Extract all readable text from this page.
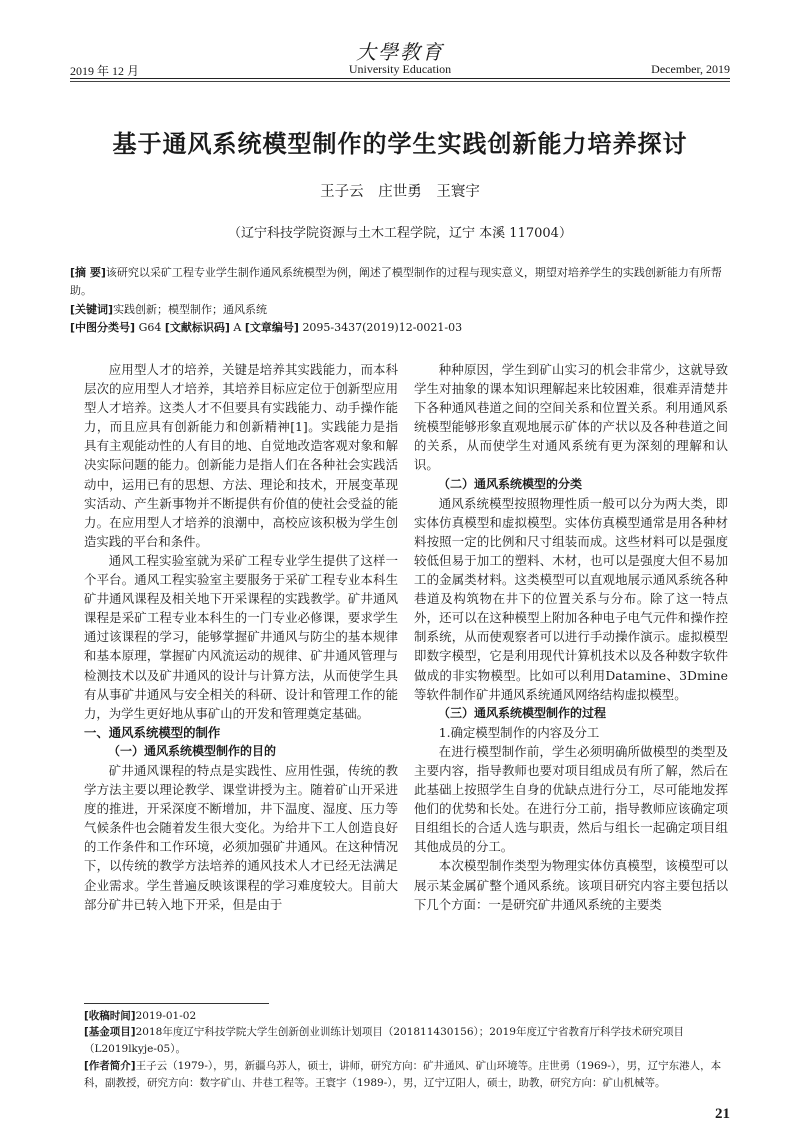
大學教育
2019 年 12 月	University Education	December, 2019
基于通风系统模型制作的学生实践创新能力培养探讨
王子云 庄世勇 王寰宇
（辽宁科技学院资源与土木工程学院，辽宁 本溪 117004）
[摘 要]该研究以采矿工程专业学生制作通风系统模型为例，阐述了模型制作的过程与现实意义，期望对培养学生的实践创新能力有所帮助。
[关键词]实践创新；模型制作；通风系统
[中图分类号] G64 [文献标识码] A [文章编号] 2095-3437(2019)12-0021-03

应用型人才的培养，关键是培养其实践能力，而本科层次的应用型人才培养，其培养目标应定位于创新型应用型人才培养。这类人才不但要具有实践能力、动手操作能力，而且应具有创新能力和创新精神[1]。实践能力是指具有主观能动性的人有目的地、自觉地改造客观对象和解决实际问题的能力。创新能力是指人们在各种社会实践活动中，运用已有的思想、方法、理论和技术，开展变革现实活动、产生新事物并不断提供有价值的使社会受益的能力。在应用型人才培养的浪潮中，高校应该积极为学生创造实践的平台和条件。

通风工程实验室就为采矿工程专业学生提供了这样一个平台。通风工程实验室主要服务于采矿工程专业本科生矿井通风课程及相关地下开采课程的实践教学。矿井通风课程是采矿工程专业本科生的一门专业必修课，要求学生通过该课程的学习，能够掌握矿井通风与防尘的基本规律和基本原理，掌握矿内风流运动的规律、矿井通风管理与检测技术以及矿井通风的设计与计算方法，从而使学生具有从事矿井通风与安全相关的科研、设计和管理工作的能力，为学生更好地从事矿山的开发和管理奠定基础。

一、通风系统模型的制作

（一）通风系统模型制作的目的

矿井通风课程的特点是实践性、应用性强，传统的教学方法主要以理论教学、课堂讲授为主。随着矿山开采进度的推进，开采深度不断增加，井下温度、湿度、压力等气候条件也会随着发生很大变化。为给井下工人创造良好的工作条件和工作环境，必须加强矿井通风。在这种情况下，以传统的教学方法培养的通风技术人才已经无法满足企业需求。学生普遍反映该课程的学习难度较大。目前大部分矿井已转入地下开采，但是由于

种种原因，学生到矿山实习的机会非常少，这就导致学生对抽象的课本知识理解起来比较困难，很难弄清楚井下各种通风巷道之间的空间关系和位置关系。利用通风系统模型能够形象直观地展示矿体的产状以及各种巷道之间的关系，从而使学生对通风系统有更为深刻的理解和认识。

（二）通风系统模型的分类

通风系统模型按照物理性质一般可以分为两大类，即实体仿真模型和虚拟模型。实体仿真模型通常是用各种材料按照一定的比例和尺寸组装而成。这些材料可以是强度较低但易于加工的塑料、木材，也可以是强度大但不易加工的金属类材料。这类模型可以直观地展示通风系统各种巷道及构筑物在井下的位置关系与分布。除了这一特点外，还可以在这种模型上附加各种电子电气元件和操作控制系统，从而使观察者可以进行手动操作演示。虚拟模型即数字模型，它是利用现代计算机技术以及各种数字软件做成的非实物模型。比如可以利用Datamine、3Dmine等软件制作矿井通风系统通风网络结构虚拟模型。

（三）通风系统模型制作的过程

1.确定模型制作的内容及分工

在进行模型制作前，学生必须明确所做模型的类型及主要内容，指导教师也要对项目组成员有所了解，然后在此基础上按照学生自身的优缺点进行分工，尽可能地发挥他们的优势和长处。在进行分工前，指导教师应该确定项目组组长的合适人选与职责，然后与组长一起确定项目组其他成员的分工。

本次模型制作类型为物理实体仿真模型，该模型可以展示某金属矿整个通风系统。该项目研究内容主要包括以下几个方面：一是研究矿井通风系统的主要类

[收稿时间]2019-01-02
[基金项目]2018年度辽宁科技学院大学生创新创业训练计划项目（201811430156）；2019年度辽宁省教育厅科学技术研究项目（L2019lkyje-05）。
[作者简介]王子云（1979-），男，新疆乌苏人，硕士，讲师，研究方向：矿井通风、矿山环境等。庄世勇（1969-），男，辽宁东港人，本科，副教授，研究方向：数字矿山、井巷工程等。王寰宇（1989-），男，辽宁辽阳人，硕士，助教，研究方向：矿山机械等。
21
